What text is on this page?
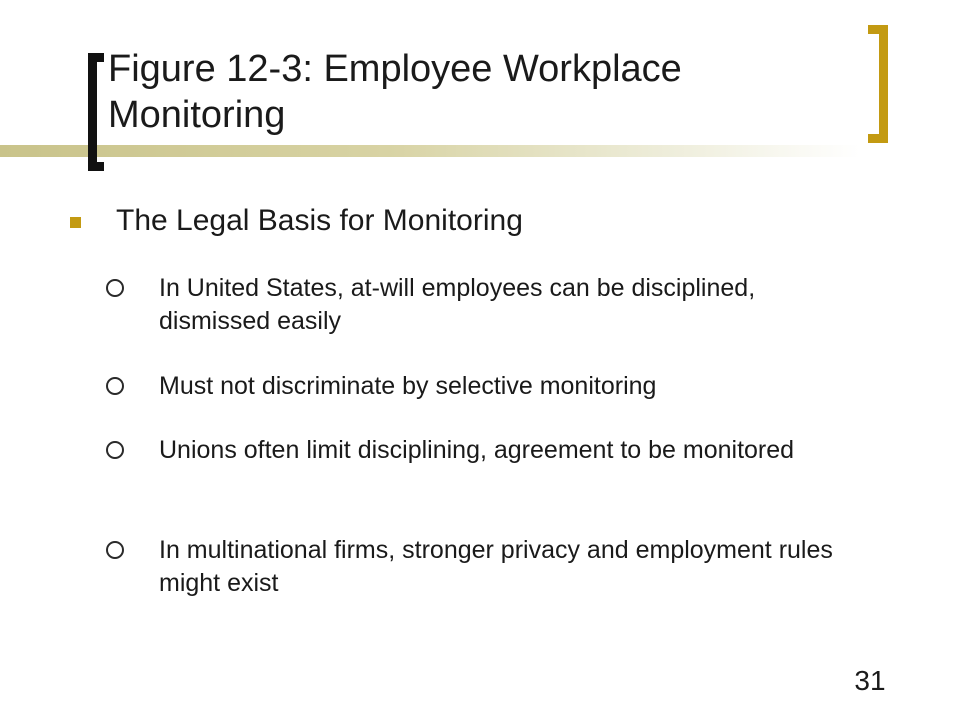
Figure 12-3: Employee Workplace Monitoring
The Legal Basis for Monitoring
In United States, at-will employees can be disciplined, dismissed easily
Must not discriminate by selective monitoring
Unions often limit disciplining, agreement to be monitored
In multinational firms, stronger privacy and employment rules might exist
31
